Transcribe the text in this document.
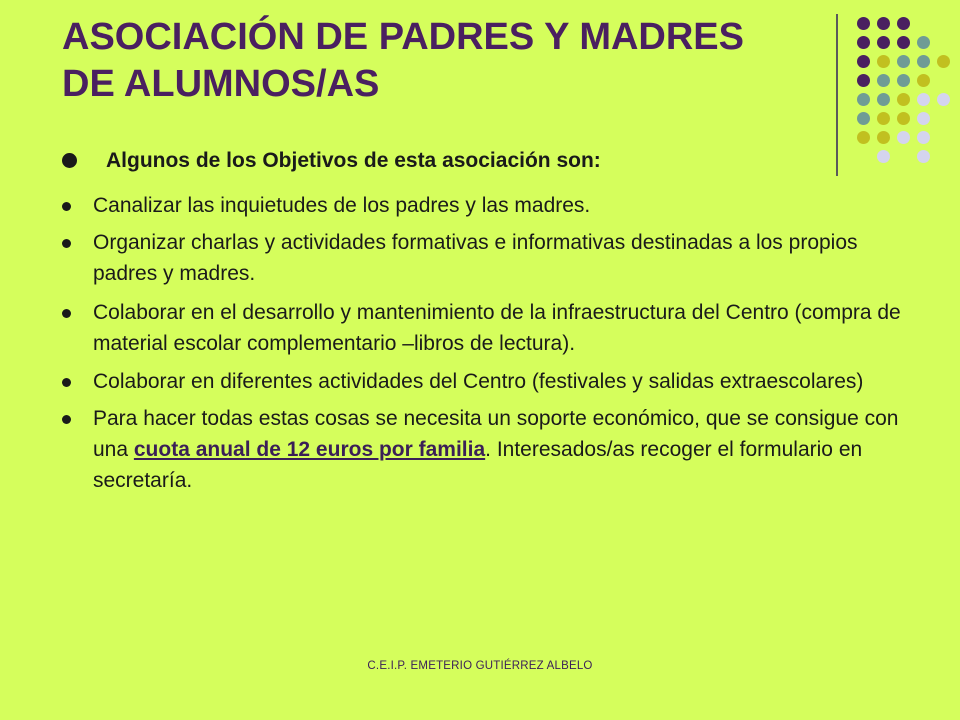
ASOCIACIÓN DE PADRES Y MADRES
DE ALUMNOS/AS
Algunos de los Objetivos de esta asociación son:
Canalizar las inquietudes de los padres y las madres.
Organizar charlas y actividades formativas e informativas destinadas a los propios padres y madres.
Colaborar en el desarrollo y mantenimiento de la infraestructura del Centro (compra de material escolar complementario –libros de lectura).
Colaborar en diferentes actividades del Centro (festivales y salidas extraescolares)
Para hacer todas estas cosas se necesita un soporte económico, que se consigue con una cuota anual de 12 euros por familia. Interesados/as recoger el formulario en secretaría.
C.E.I.P. EMETERIO GUTIÉRREZ ALBELO
